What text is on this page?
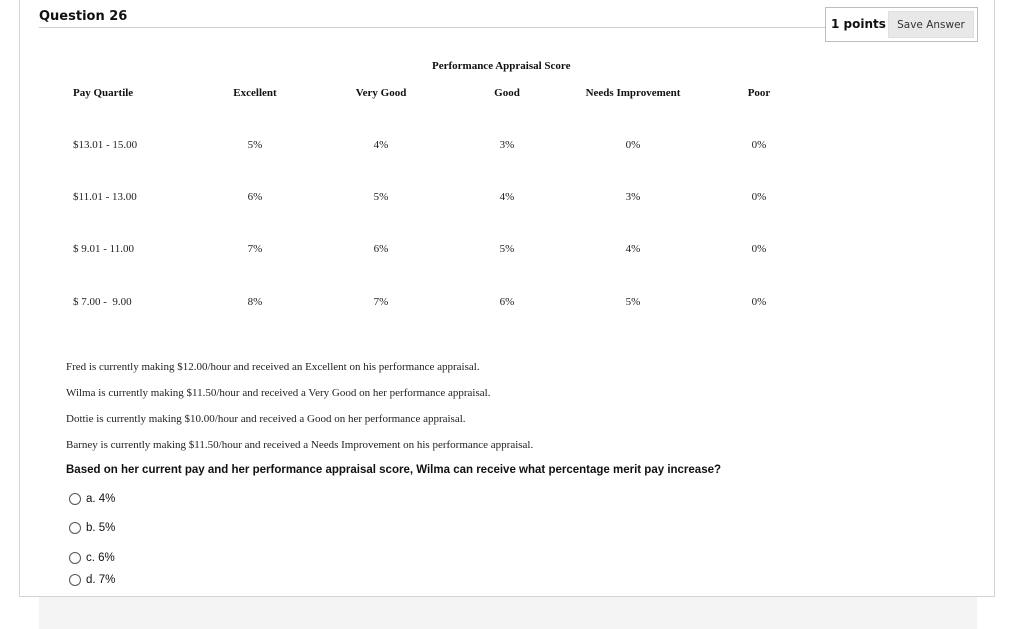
Question 26	1 points	Save Answer
Performance Appraisal Score
Pay Quartile	Excellent	Very Good	Good	Needs Improvement	Poor
$13.01 - 15.00	5%	4%	3%	0%	0%
$11.01 - 13.00	6%	5%	4%	3%	0%
$ 9.01 - 11.00	7%	6%	5%	4%	0%
$ 7.00 -  9.00	8%	7%	6%	5%	0%
Fred is currently making $12.00/hour and received an Excellent on his performance appraisal.
Wilma is currently making $11.50/hour and received a Very Good on her performance appraisal.
Dottie is currently making $10.00/hour and received a Good on her performance appraisal.
Barney is currently making $11.50/hour and received a Needs Improvement on his performance appraisal.
Based on her current pay and her performance appraisal score, Wilma can receive what percentage merit pay increase?
a. 4%
b. 5%
c. 6%
d. 7%
